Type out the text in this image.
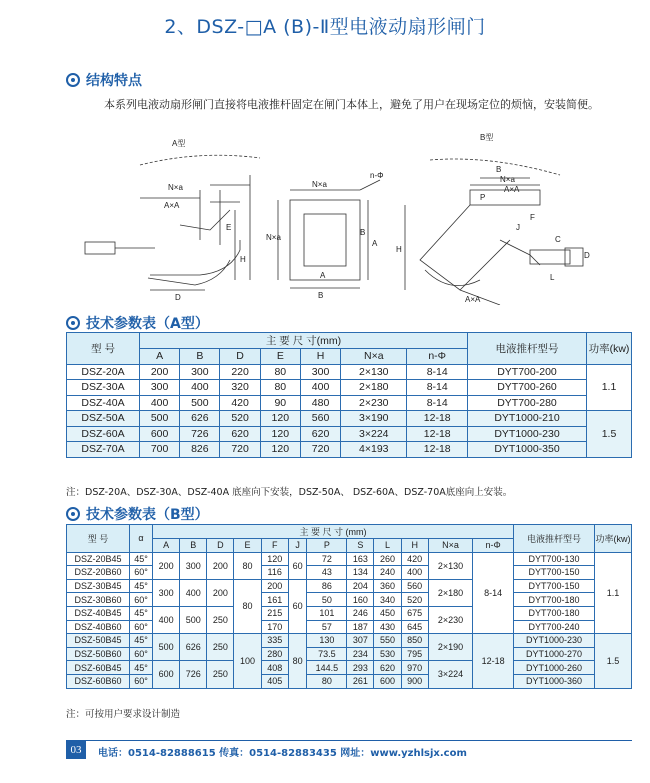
2、DSZ-□A (B)-Ⅱ型电液动扇形闸门
结构特点
本系列电液动扇形闸门直接将电液推杆固定在闸门本体上，避免了用户在现场定位的烦恼，安装简便。
A型
B型
N×a
A×A
E
H
D
n-Φ
N×a
B
A
N×a
B
A
B
N×a
A×A
P
F
J
C
H
D
A×A
L
技术参数表（A型）
型 号	主 要 尺 寸(mm)							电液推杆型号	功率(kw)
	A	B	D	E	H	N×a	n-Φ		
DSZ-20A	200	300	220	80	300	2×130	8-14	DYT700-200	1.1
DSZ-30A	300	400	320	80	400	2×180	8-14	DYT700-260	
DSZ-40A	400	500	420	90	480	2×230	8-14	DYT700-280	
DSZ-50A	500	626	520	120	560	3×190	12-18	DYT1000-210	1.5
DSZ-60A	600	726	620	120	620	3×224	12-18	DYT1000-230	
DSZ-70A	700	826	720	120	720	4×193	12-18	DYT1000-350	
注：DSZ-20A、DSZ-30A、DSZ-40A 底座向下安装，DSZ-50A、 DSZ-60A、DSZ-70A底座向上安装。
技术参数表（B型）
型 号	α	主 要 尺 寸 (mm)												电液推杆型号	功率(kw)
		A	B	D	E	F	J	P	S	L	H	N×a	n-Φ		
DSZ-20B45	45°	200	300	200	80	120	60	72	163	260	420	2×130	8-14	DYT700-130	1.1
DSZ-20B60	60°					116		43	134	240	400			DYT700-150	
DSZ-30B45	45°	300	400	200	80	200	60	86	204	360	560	2×180		DYT700-150	
DSZ-30B60	60°					161		50	160	340	520			DYT700-180	
DSZ-40B45	45°	400	500	250		215		101	246	450	675	2×230		DYT700-180	
DSZ-40B60	60°					170		57	187	430	645			DYT700-240	
DSZ-50B45	45°	500	626	250	100	335	80	130	307	550	850	2×190	12-18	DYT1000-230	1.5
DSZ-50B60	60°					280		73.5	234	530	795			DYT1000-270	
DSZ-60B45	45°	600	726	250		408		144.5	293	620	970	3×224		DYT1000-260	
DSZ-60B60	60°					405		80	261	600	900			DYT1000-360	
注：可按用户要求设计制造
03	电话：0514-82888615 传真：0514-82883435 网址：www.yzhlsjx.com
